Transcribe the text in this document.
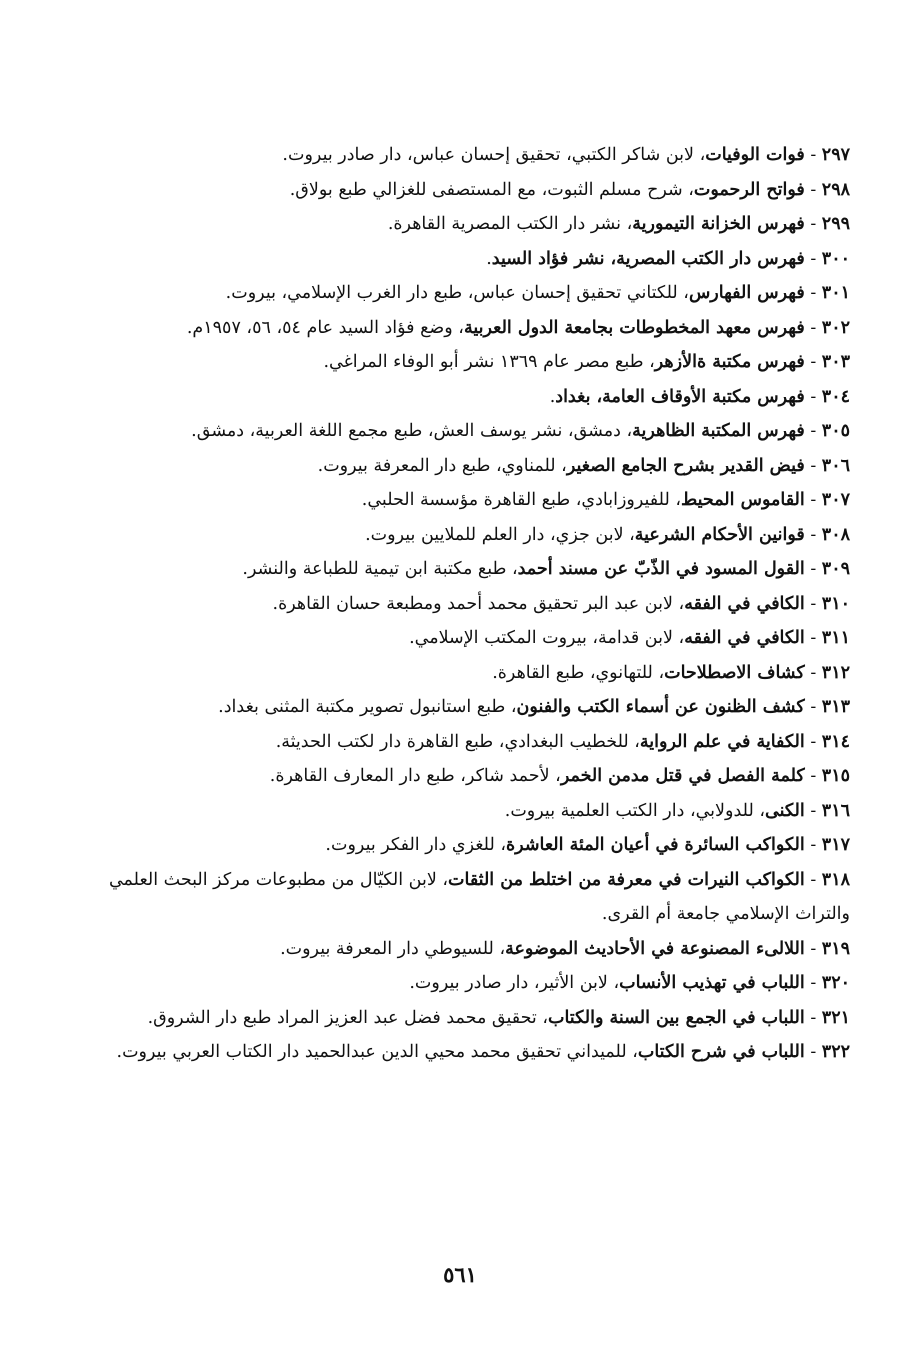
٢٩٧ - فوات الوفيات، لابن شاكر الكتبي، تحقيق إحسان عباس، دار صادر بيروت.
٢٩٨ - فواتح الرحموت، شرح مسلم الثبوت، مع المستصفى للغزالي طبع بولاق.
٢٩٩ - فهرس الخزانة التيمورية، نشر دار الكتب المصرية القاهرة.
٣٠٠ - فهرس دار الكتب المصرية، نشر فؤاد السيد.
٣٠١ - فهرس الفهارس، للكتاني تحقيق إحسان عباس، طبع دار الغرب الإسلامي، بيروت.
٣٠٢ - فهرس معهد المخطوطات بجامعة الدول العربية، وضع فؤاد السيد عام ٥٤، ٥٦، ١٩٥٧م.
٣٠٣ - فهرس مكتبة ةالأزهر، طبع مصر عام ١٣٦٩ نشر أبو الوفاء المراغي.
٣٠٤ - فهرس مكتبة الأوقاف العامة، بغداد.
٣٠٥ - فهرس المكتبة الظاهرية، دمشق، نشر يوسف العش، طبع مجمع اللغة العربية، دمشق.
٣٠٦ - فيض القدير بشرح الجامع الصغير، للمناوي، طبع دار المعرفة بيروت.
٣٠٧ - القاموس المحيط، للفيروزابادي، طبع القاهرة مؤسسة الحلبي.
٣٠٨ - قوانين الأحكام الشرعية، لابن جزي، دار العلم للملايين بيروت.
٣٠٩ - القول المسود في الذّبّ عن مسند أحمد، طبع مكتبة ابن تيمية للطباعة والنشر.
٣١٠ - الكافي في الفقه، لابن عبد البر تحقيق محمد أحمد ومطبعة حسان القاهرة.
٣١١ - الكافي في الفقه، لابن قدامة، بيروت المكتب الإسلامي.
٣١٢ - كشاف الاصطلاحات، للتهانوي، طبع القاهرة.
٣١٣ - كشف الظنون عن أسماء الكتب والفنون، طبع استانبول تصوير مكتبة المثنى بغداد.
٣١٤ - الكفاية في علم الرواية، للخطيب البغدادي، طبع القاهرة دار لكتب الحديثة.
٣١٥ - كلمة الفصل في قتل مدمن الخمر، لأحمد شاكر، طبع دار المعارف القاهرة.
٣١٦ - الكنى، للدولابي، دار الكتب العلمية بيروت.
٣١٧ - الكواكب السائرة في أعيان المئة العاشرة، للغزي دار الفكر بيروت.
٣١٨ - الكواكب النيرات في معرفة من اختلط من الثقات، لابن الكيّال من مطبوعات مركز البحث العلمي والتراث الإسلامي جامعة أم القرى.
٣١٩ - اللالىء المصنوعة في الأحاديث الموضوعة، للسيوطي دار المعرفة بيروت.
٣٢٠ - اللباب في تهذيب الأنساب، لابن الأثير، دار صادر بيروت.
٣٢١ - اللباب في الجمع بين السنة والكتاب، تحقيق محمد فضل عبد العزيز المراد طبع دار الشروق.
٣٢٢ - اللباب في شرح الكتاب، للميداني تحقيق محمد محيي الدين عبدالحميد دار الكتاب العربي بيروت.
٥٦١
